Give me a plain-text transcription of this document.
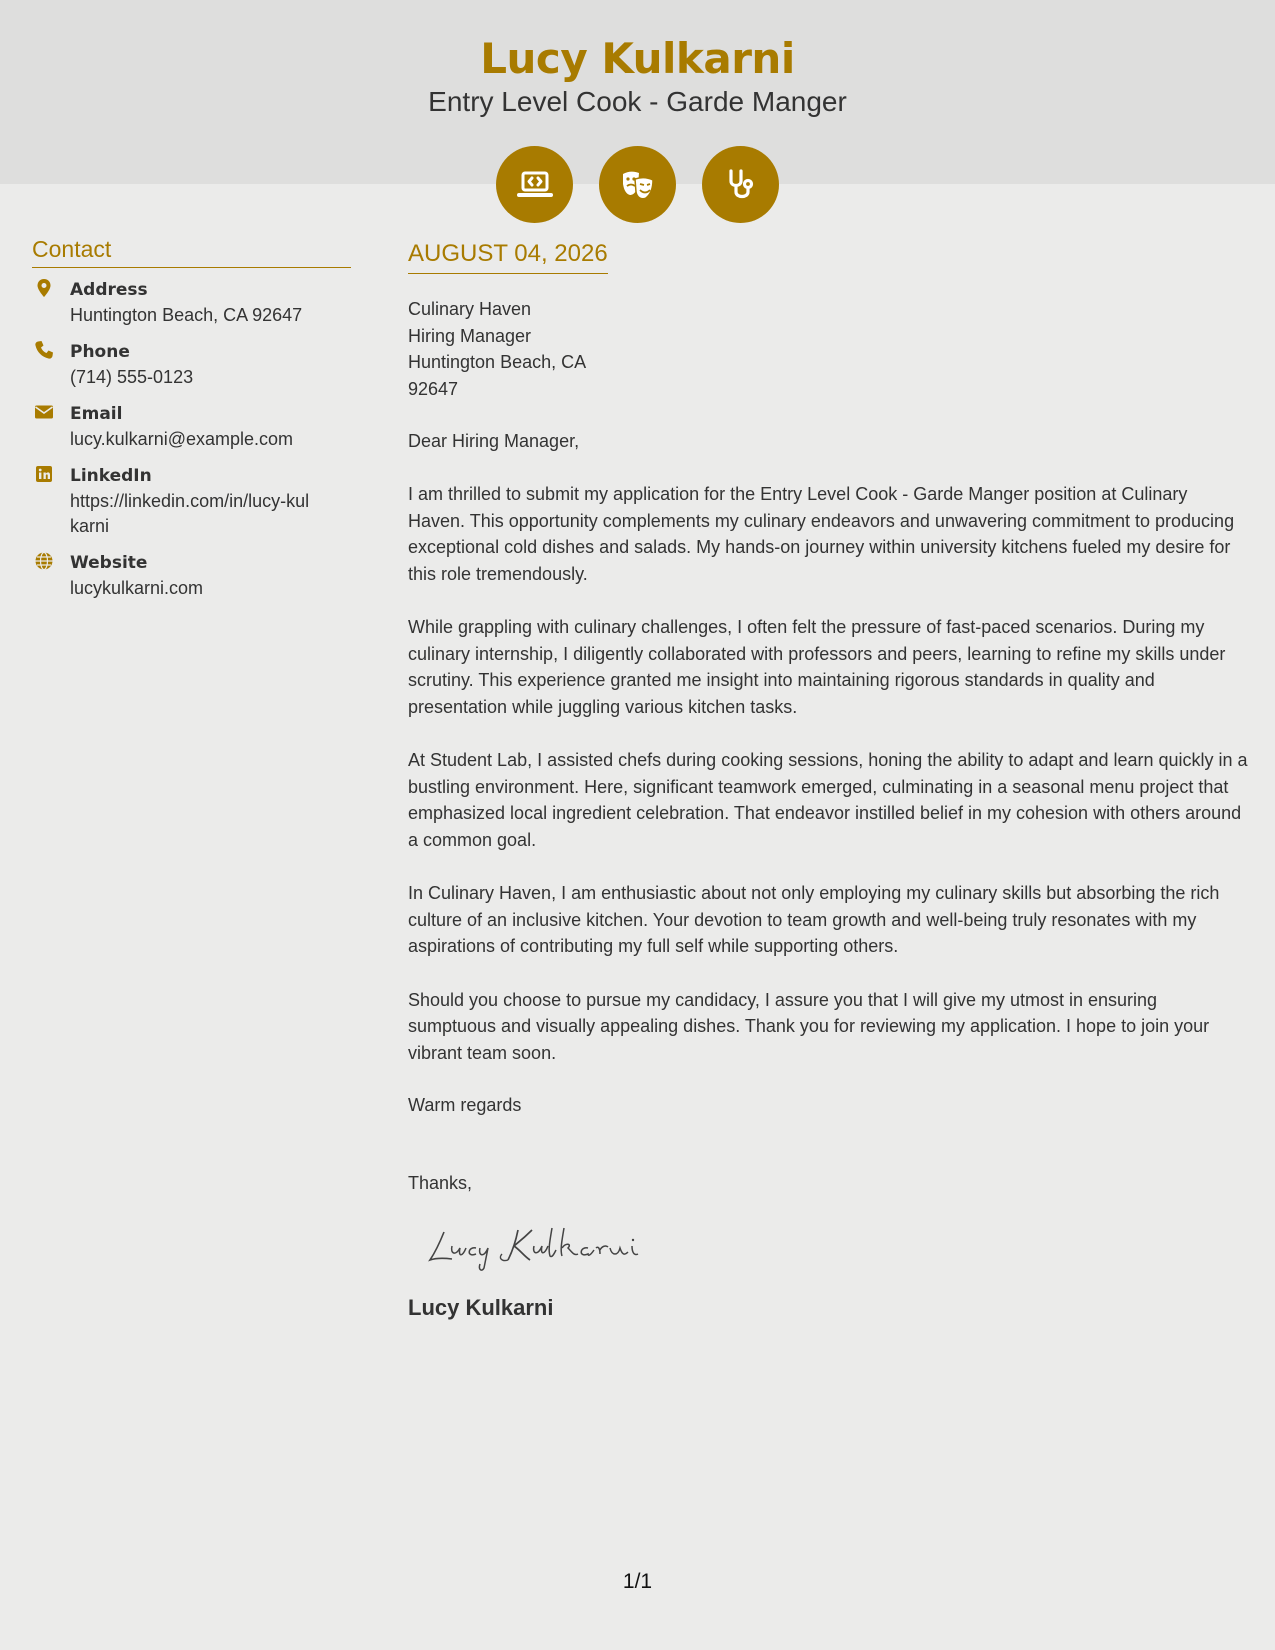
Lucy Kulkarni
Entry Level Cook - Garde Manger
Contact
Address
Huntington Beach, CA 92647
Phone
(714) 555-0123
Email
lucy.kulkarni@example.com
LinkedIn
https://linkedin.com/in/lucy-kulkarni
Website
lucykulkarni.com
AUGUST 04, 2026
Culinary Haven
Hiring Manager
Huntington Beach, CA
92647
Dear Hiring Manager,
I am thrilled to submit my application for the Entry Level Cook - Garde Manger position at Culinary Haven. This opportunity complements my culinary endeavors and unwavering commitment to producing exceptional cold dishes and salads. My hands-on journey within university kitchens fueled my desire for this role tremendously.
While grappling with culinary challenges, I often felt the pressure of fast-paced scenarios. During my culinary internship, I diligently collaborated with professors and peers, learning to refine my skills under scrutiny. This experience granted me insight into maintaining rigorous standards in quality and presentation while juggling various kitchen tasks.
At Student Lab, I assisted chefs during cooking sessions, honing the ability to adapt and learn quickly in a bustling environment. Here, significant teamwork emerged, culminating in a seasonal menu project that emphasized local ingredient celebration. That endeavor instilled belief in my cohesion with others around a common goal.
In Culinary Haven, I am enthusiastic about not only employing my culinary skills but absorbing the rich culture of an inclusive kitchen. Your devotion to team growth and well-being truly resonates with my aspirations of contributing my full self while supporting others.
Should you choose to pursue my candidacy, I assure you that I will give my utmost in ensuring sumptuous and visually appealing dishes. Thank you for reviewing my application. I hope to join your vibrant team soon.
Warm regards
Thanks,
Lucy Kulkarni
1/1
